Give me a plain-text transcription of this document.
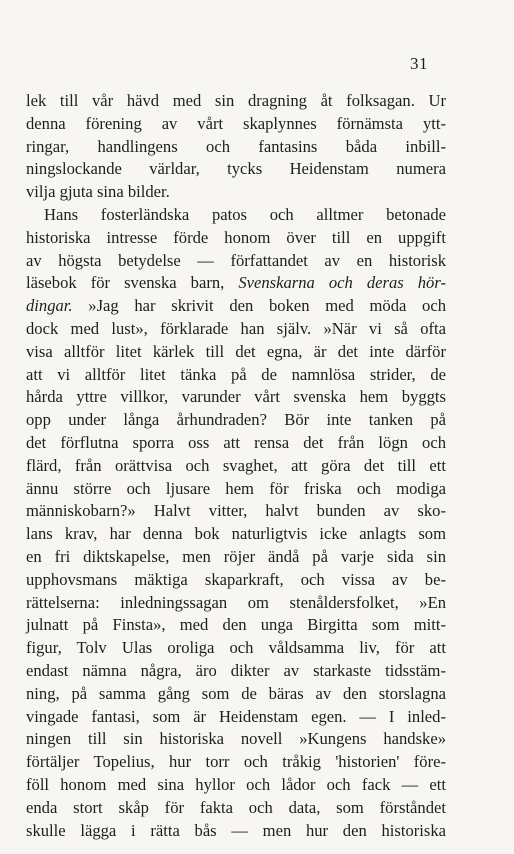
31
lek till vår hävd med sin dragning åt folksagan. Ur
denna förening av vårt skaplynnes förnämsta ytt-
ringar, handlingens och fantasins båda inbill-
ningslockande världar, tycks Heidenstam numera
vilja gjuta sina bilder.
Hans fosterländska patos och alltmer betonade
historiska intresse förde honom över till en uppgift
av högsta betydelse — författandet av en historisk
läsebok för svenska barn, Svenskarna och deras hör-
dingar. »Jag har skrivit den boken med möda och
dock med lust», förklarade han själv. »När vi så ofta
visa alltför litet kärlek till det egna, är det inte därför
att vi alltför litet tänka på de namnlösa strider, de
hårda yttre villkor, varunder vårt svenska hem byggts
opp under långa århundraden? Bör inte tanken på
det förflutna sporra oss att rensa det från lögn och
flärd, från orättvisa och svaghet, att göra det till ett
ännu större och ljusare hem för friska och modiga
människobarn?» Halvt vitter, halvt bunden av sko-
lans krav, har denna bok naturligtvis icke anlagts som
en fri diktskapelse, men röjer ändå på varje sida sin
upphovsmans mäktiga skaparkraft, och vissa av be-
rättelserna: inledningssagan om stenåldersfolket, »En
julnatt på Finsta», med den unga Birgitta som mitt-
figur, Tolv Ulas oroliga och våldsamma liv, för att
endast nämna några, äro dikter av starkaste tidsstäm-
ning, på samma gång som de bäras av den storslagna
vingade fantasi, som är Heidenstam egen. — I inled-
ningen till sin historiska novell »Kungens handske»
förtäljer Topelius, hur torr och tråkig 'historien' före-
föll honom med sina hyllor och lådor och fack — ett
enda stort skåp för fakta och data, som förståndet
skulle lägga i rätta bås — men hur den historiska
